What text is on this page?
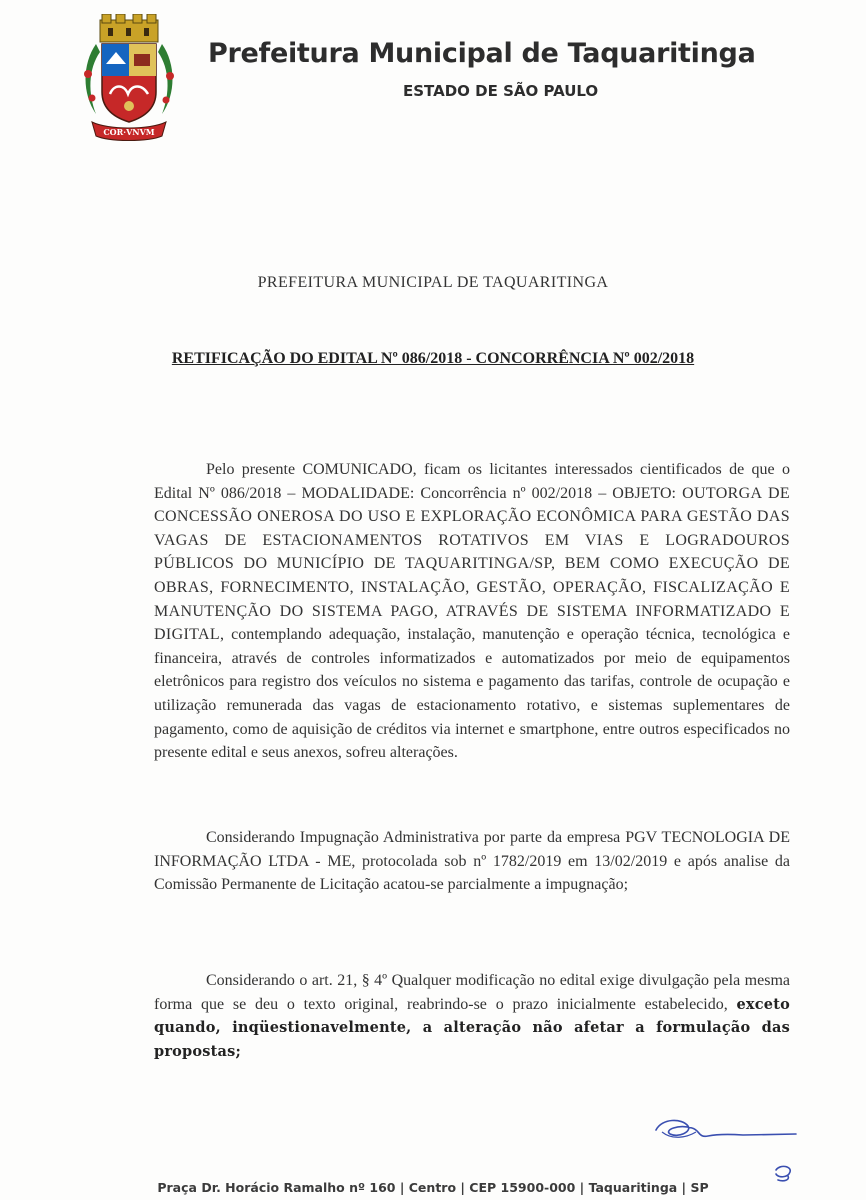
COR·VNVM
Prefeitura Municipal de Taquaritinga
ESTADO DE SÃO PAULO
PREFEITURA MUNICIPAL DE TAQUARITINGA
RETIFICAÇÃO DO EDITAL Nº 086/2018 - CONCORRÊNCIA Nº 002/2018
Pelo presente COMUNICADO, ficam os licitantes interessados cientificados de que o Edital Nº 086/2018 – MODALIDADE: Concorrência nº 002/2018 – OBJETO: OUTORGA DE CONCESSÃO ONEROSA DO USO E EXPLORAÇÃO ECONÔMICA PARA GESTÃO DAS VAGAS DE ESTACIONAMENTOS ROTATIVOS EM VIAS E LOGRADOUROS PÚBLICOS DO MUNICÍPIO DE TAQUARITINGA/SP, BEM COMO EXECUÇÃO DE OBRAS, FORNECIMENTO, INSTALAÇÃO, GESTÃO, OPERAÇÃO, FISCALIZAÇÃO E MANUTENÇÃO DO SISTEMA PAGO, ATRAVÉS DE SISTEMA INFORMATIZADO E DIGITAL, contemplando adequação, instalação, manutenção e operação técnica, tecnológica e financeira, através de controles informatizados e automatizados por meio de equipamentos eletrônicos para registro dos veículos no sistema e pagamento das tarifas, controle de ocupação e utilização remunerada das vagas de estacionamento rotativo, e sistemas suplementares de pagamento, como de aquisição de créditos via internet e smartphone, entre outros especificados no presente edital e seus anexos, sofreu alterações.
Considerando Impugnação Administrativa por parte da empresa PGV TECNOLOGIA DE INFORMAÇÃO LTDA - ME, protocolada sob nº 1782/2019 em 13/02/2019 e após analise da Comissão Permanente de Licitação acatou-se parcialmente a impugnação;
Considerando o art. 21, § 4º Qualquer modificação no edital exige divulgação pela mesma forma que se deu o texto original, reabrindo-se o prazo inicialmente estabelecido, exceto quando, inqüestionavelmente, a alteração não afetar a formulação das propostas;
Praça Dr. Horácio Ramalho nº 160 | Centro | CEP 15900-000 | Taquaritinga | SP
